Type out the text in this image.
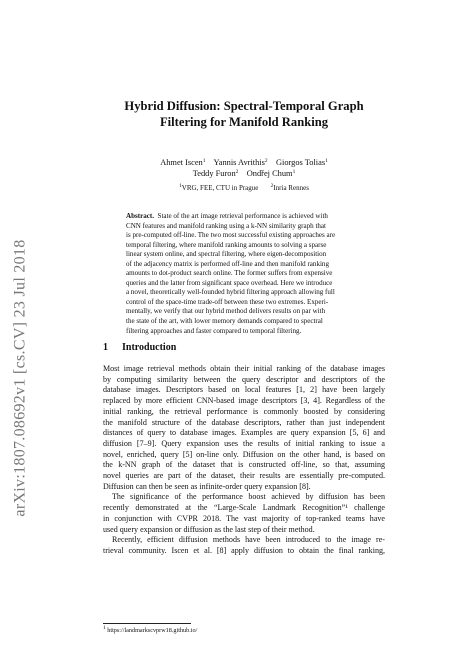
arXiv:1807.08692v1 [cs.CV] 23 Jul 2018
Hybrid Diffusion: Spectral-Temporal Graph
Filtering for Manifold Ranking
Ahmet Iscen$^1$ Yannis Avrithis$^2$ Giorgos Tolias$^1$
Teddy Furon$^2$ Ondřej Chum$^1$
$^1$VRG, FEE, CTU in Prague $^2$Inria Rennes
Abstract. State of the art image retrieval performance is achieved with
CNN features and manifold ranking using a k-NN similarity graph that
is pre-computed off-line. The two most successful existing approaches are
temporal filtering, where manifold ranking amounts to solving a sparse
linear system online, and spectral filtering, where eigen-decomposition
of the adjacency matrix is performed off-line and then manifold ranking
amounts to dot-product search online. The former suffers from expensive
queries and the latter from significant space overhead. Here we introduce
a novel, theoretically well-founded hybrid filtering approach allowing full
control of the space-time trade-off between these two extremes. Experi-
mentally, we verify that our hybrid method delivers results on par with
the state of the art, with lower memory demands compared to spectral
filtering approaches and faster compared to temporal filtering.
1 Introduction
Most image retrieval methods obtain their initial ranking of the database images
by computing similarity between the query descriptor and descriptors of the
database images. Descriptors based on local features [1, 2] have been largely
replaced by more efficient CNN-based image descriptors [3, 4]. Regardless of the
initial ranking, the retrieval performance is commonly boosted by considering
the manifold structure of the database descriptors, rather than just independent
distances of query to database images. Examples are query expansion [5, 6] and
diffusion [7–9]. Query expansion uses the results of initial ranking to issue a
novel, enriched, query [5] on-line only. Diffusion on the other hand, is based on
the k-NN graph of the dataset that is constructed off-line, so that, assuming
novel queries are part of the dataset, their results are essentially pre-computed.
Diffusion can then be seen as infinite-order query expansion [8].
The significance of the performance boost achieved by diffusion has been
recently demonstrated at the “Large-Scale Landmark Recognition”¹ challenge
in conjunction with CVPR 2018. The vast majority of top-ranked teams have
used query expansion or diffusion as the last step of their method.
Recently, efficient diffusion methods have been introduced to the image re-
trieval community. Iscen et al. [8] apply diffusion to obtain the final ranking,
$^1$ https://landmarkscvprw18.github.io/
